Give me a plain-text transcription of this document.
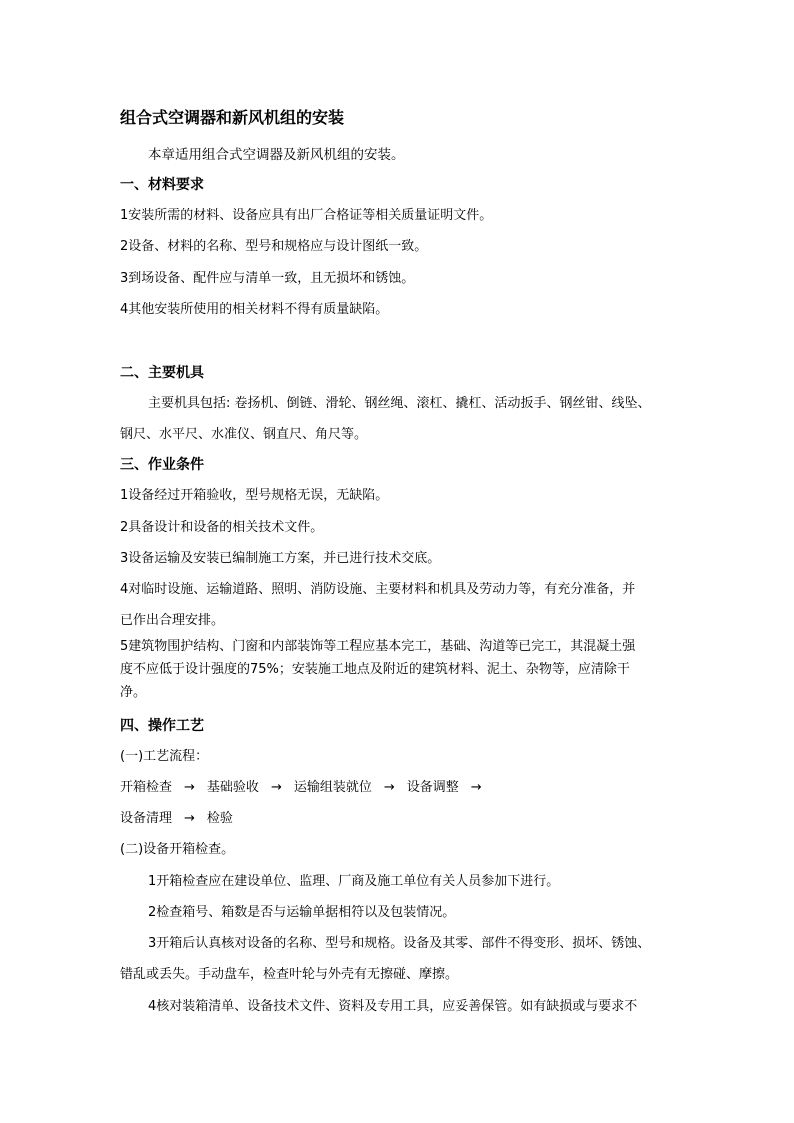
组合式空调器和新风机组的安装
本章适用组合式空调器及新风机组的安装。
一、材料要求
1安装所需的材料、设备应具有出厂合格证等相关质量证明文件。
2设备、材料的名称、型号和规格应与设计图纸一致。
3到场设备、配件应与清单一致，且无损坏和锈蚀。
4其他安装所使用的相关材料不得有质量缺陷。
二、主要机具
主要机具包括: 卷扬机、倒链、滑轮、钢丝绳、滚杠、撬杠、活动扳手、钢丝钳、线坠、
钢尺、水平尺、水准仪、钢直尺、角尺等。
三、作业条件
1设备经过开箱验收，型号规格无误，无缺陷。
2具备设计和设备的相关技术文件。
3设备运输及安装已编制施工方案，并已进行技术交底。
4对临时设施、运输道路、照明、消防设施、主要材料和机具及劳动力等，有充分准备，并
已作出合理安排。
5建筑物围护结构、门窗和内部装饰等工程应基本完工，基础、沟道等已完工，其混凝土强
度不应低于设计强度的75%；安装施工地点及附近的建筑材料、泥土、杂物等，应清除干
净。
四、操作工艺
(一)工艺流程：
开箱检查 → 基础验收 → 运输组装就位 → 设备调整 →
设备清理 → 检验
(二)设备开箱检查。
1开箱检查应在建设单位、监理、厂商及施工单位有关人员参加下进行。
2检查箱号、箱数是否与运输单据相符以及包装情况。
3开箱后认真核对设备的名称、型号和规格。设备及其零、部件不得变形、损坏、锈蚀、
错乱或丢失。手动盘车，检查叶轮与外壳有无擦碰、摩擦。
4核对装箱清单、设备技术文件、资料及专用工具，应妥善保管。如有缺损或与要求不
